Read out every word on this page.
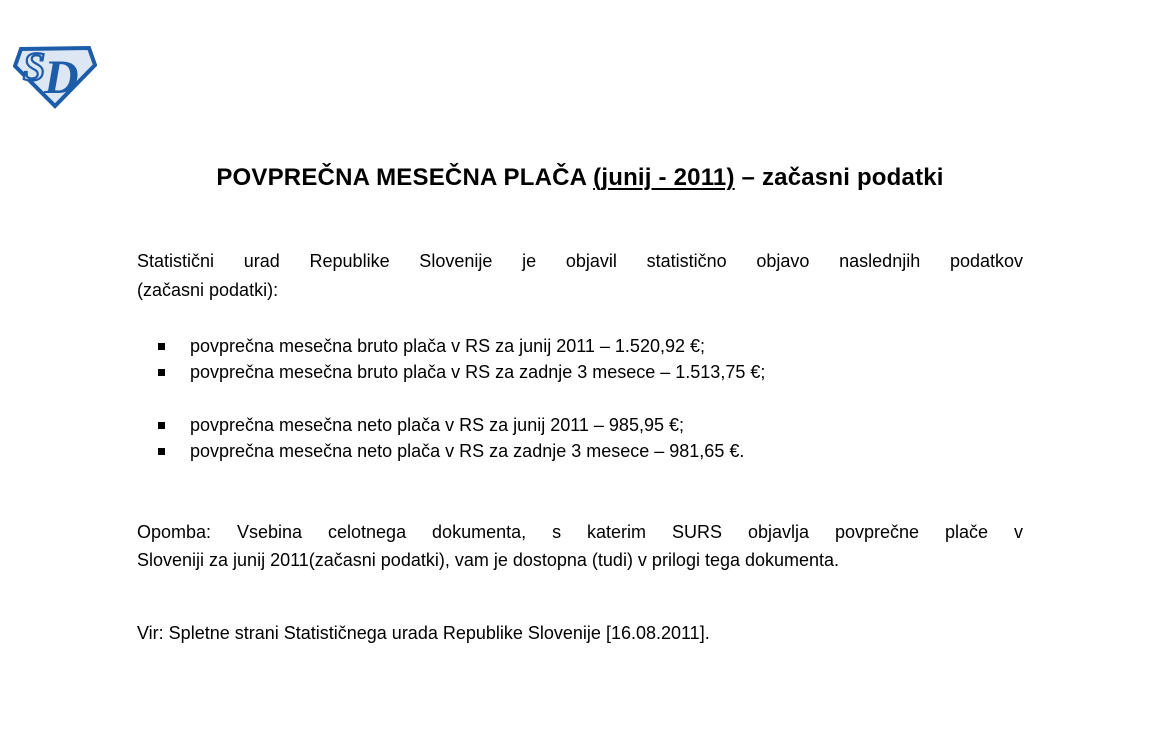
S
D
POVPREČNA MESEČNA PLAČA (junij - 2011) – začasni podatki
Statistični urad Republike Slovenije je objavil statistično objavo naslednjih podatkov
(začasni podatki):
povprečna mesečna bruto plača v RS za junij 2011 – 1.520,92 €;
povprečna mesečna bruto plača v RS za zadnje 3 mesece – 1.513,75 €;
povprečna mesečna neto plača v RS za junij 2011 – 985,95 €;
povprečna mesečna neto plača v RS za zadnje 3 mesece – 981,65 €.
Opomba: Vsebina celotnega dokumenta, s katerim SURS objavlja povprečne plače v
Sloveniji za junij 2011(začasni podatki), vam je dostopna (tudi) v prilogi tega dokumenta.
Vir: Spletne strani Statističnega urada Republike Slovenije [16.08.2011].
